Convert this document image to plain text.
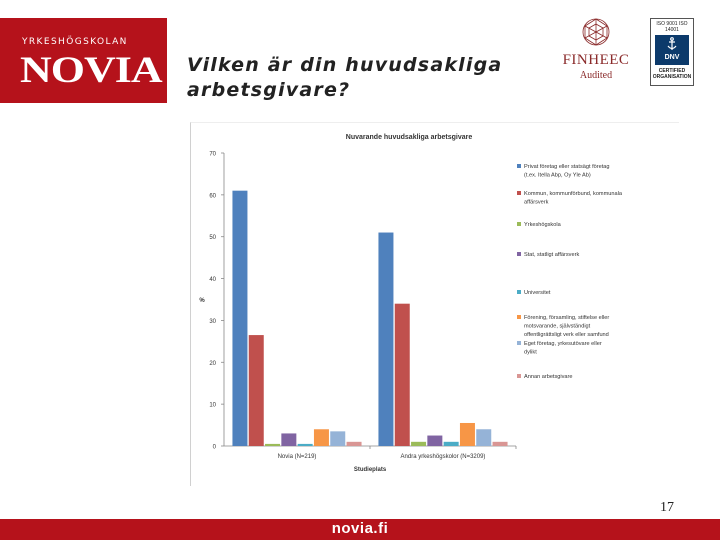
YRKESHÖGSKOLAN
NOVIA Vilken är din huvudsakliga arbetsgivare?
FINHEEC
Audited
ISO 9001 ISO 14001
DNV
CERTIFIED ORGANISATION
Nuvarande huvudsakliga arbetsgivare
0
10
20
30
40
50
60
70
%
Novia (N=219)	Andra yrkeshögskolor (N=3209)
Studieplats
Privat företag eller statsägt företag (t.ex. Itella Abp, Oy Yle Ab)
Kommun, kommunförbund, kommunala affärsverk
Yrkeshögskola
Stat, statligt affärsverk
Universitet
Förening, församling, stiftelse eller motsvarande, självständigt offentligrättsligt verk eller samfund
Eget företag, yrkesutövare eller dylikt
Annan arbetsgivare
17
novia.fi
